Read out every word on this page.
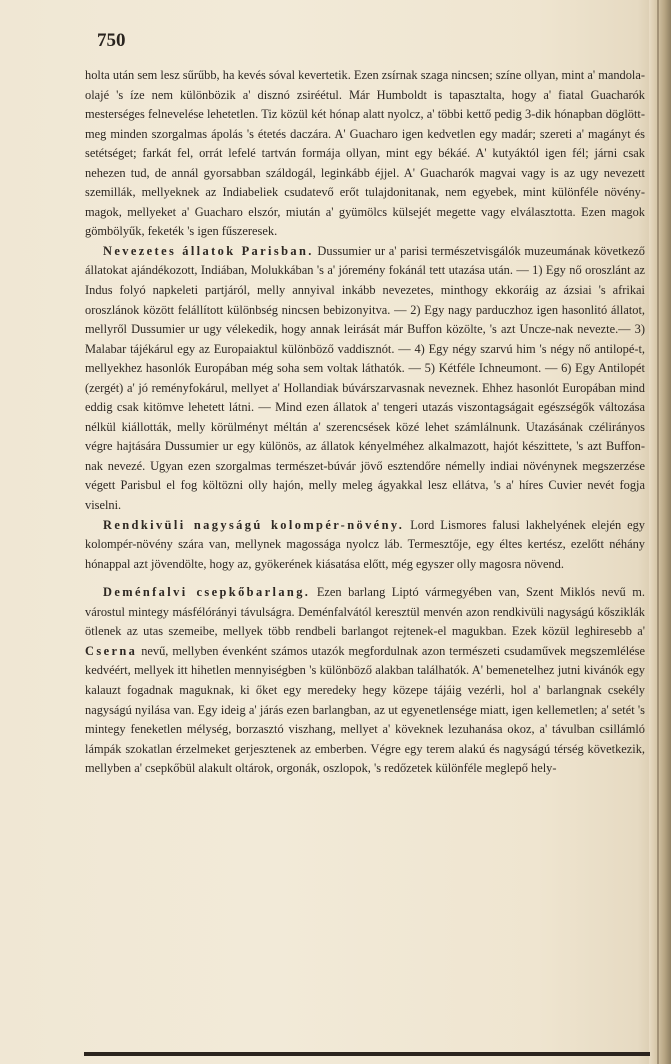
750

holta után sem lesz sűrűbb, ha kevés sóval kevertetik. Ezen zsírnak szaga nincsen; színe ollyan, mint a' mandola-olajé 's íze nem különbözik a' disznó zsiréétul. Már Humboldt is tapasztalta, hogy a' fiatal Guacharók mesterséges felnevelése lehetetlen. Tiz közül két hónap alatt nyolcz, a' többi kettő pedig 3-dik hónapban döglött-meg minden szorgalmas ápolás 's étetés daczára. A' Guacharo igen kedvetlen egy madár; szereti a' magányt és setétséget; farkát fel, orrát lefelé tartván formája ollyan, mint egy békáé. A' kutyáktól igen fél; járni csak nehezen tud, de annál gyorsabban száldogál, leginkább éjjel. A' Guacharók magvai vagy is az ugy nevezett szemillák, mellyeknek az Indiabeliek csudatevő erőt tulajdonitanak, nem egyebek, mint különféle növény-magok, mellyeket a' Guacharo elszór, miután a' gyümölcs külsejét megette vagy elválasztotta. Ezen magok gömbölyűk, feketék 's igen fűszeresek.

Nevezetes állatok Parisban. Dussumier ur a' parisi természetvisgálók muzeumának következő állatokat ajándékozott, Indiában, Molukkában 's a' jóremény fokánál tett utazása után. — 1) Egy nő oroszlánt az Indus folyó napkeleti partjáról, melly annyival inkább nevezetes, minthogy ekkoráig az ázsiai 's afrikai oroszlánok között felállított különbség nincsen bebizonyitva. — 2) Egy nagy parduczhoz igen hasonlitó állatot, mellyről Dussumier ur ugy vélekedik, hogy annak leirását már Buffon közölte, 's azt Uncze-nak nevezte.— 3) Malabar tájékárul egy az Europaiaktul különböző vaddisznót. — 4) Egy négy szarvú him 's négy nő antilopé-t, mellyekhez hasonlók Europában még soha sem voltak láthatók. — 5) Kétféle Ichneumont. — 6) Egy Antilopét (zergét) a' jó reményfokárul, mellyet a' Hollandiak búvárszarvasnak neveznek. Ehhez hasonlót Europában mind eddig csak kitömve lehetett látni. — Mind ezen állatok a' tengeri utazás viszontagságait egészségők változása nélkül kiállották, melly körülményt méltán a' szerencsések közé lehet számlálnunk. Utazásának czélirányos végre hajtására Dussumier ur egy különös, az állatok kényelméhez alkalmazott, hajót készittete, 's azt Buffon-nak nevezé. Ugyan ezen szorgalmas természet-búvár jövő esztendőre némelly indiai növénynek megszerzése végett Parisbul el fog költözni olly hajón, melly meleg ágyakkal lesz ellátva, 's a' híres Cuvier nevét fogja viselni.

Rendkivüli nagyságú kolompér-növény. Lord Lismores falusi lakhelyének elején egy kolompér-növény szára van, mellynek magossága nyolcz láb. Termesztője, egy éltes kertész, ezelőtt néhány hónappal azt jövendölte, hogy az, gyökerének kiásatása előtt, még egyszer olly magosra növend.

Deménfalvi csepkőbarlang. Ezen barlang Liptó vármegyében van, Szent Miklós nevű m. várostul mintegy másfélórányi távulságra. Deménfalvától keresztül menvén azon rendkivüli nagyságú kősziklák ötlenek az utas szemeibe, mellyek több rendbeli barlangot rejtenek-el magukban. Ezek közül leghiresebb a' Cserna nevű, mellyben évenként számos utazók megfordulnak azon természeti csudaművek megszemlélése kedvéért, mellyek itt hihetlen mennyiségben 's különböző alakban találhatók. A' bemenetelhez jutni kivánók egy kalauzt fogadnak maguknak, ki őket egy meredeky hegy közepe tájáig vezérli, hol a' barlangnak csekély nagyságú nyilása van. Egy ideig a' járás ezen barlangban, az ut egyenetlensége miatt, igen kellemetlen; a' setét 's mintegy feneketlen mélység, borzasztó viszhang, mellyet a' köveknek lezuhanása okoz, a' távulban csillámló lámpák szokatlan érzelmeket gerjesztenek az emberben. Végre egy terem alakú és nagyságú térség következik, mellyben a' csepkőbül alakult oltárok, orgonák, oszlopok, 's redőzetek különféle meglepő hely-
